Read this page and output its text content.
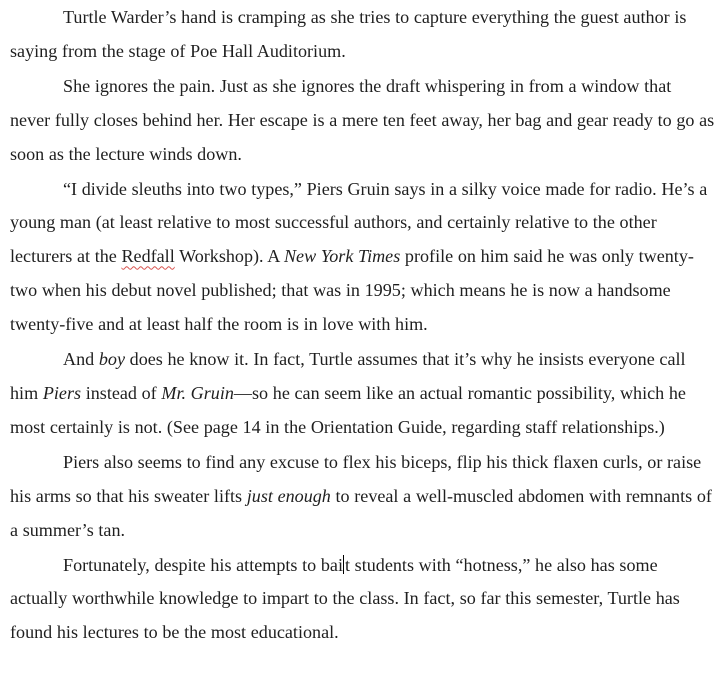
Turtle Warder’s hand is cramping as she tries to capture everything the guest author is saying from the stage of Poe Hall Auditorium.

She ignores the pain. Just as she ignores the draft whispering in from a window that never fully closes behind her. Her escape is a mere ten feet away, her bag and gear ready to go as soon as the lecture winds down.

“I divide sleuths into two types,” Piers Gruin says in a silky voice made for radio. He’s a young man (at least relative to most successful authors, and certainly relative to the other lecturers at the Redfall Workshop). A New York Times profile on him said he was only twenty-two when his debut novel published; that was in 1995; which means he is now a handsome twenty-five and at least half the room is in love with him.

And boy does he know it. In fact, Turtle assumes that it’s why he insists everyone call him Piers instead of Mr. Gruin—so he can seem like an actual romantic possibility, which he most certainly is not. (See page 14 in the Orientation Guide, regarding staff relationships.)

Piers also seems to find any excuse to flex his biceps, flip his thick flaxen curls, or raise his arms so that his sweater lifts just enough to reveal a well-muscled abdomen with remnants of a summer’s tan.

Fortunately, despite his attempts to bai t students with “hotness,” he also has some actually worthwhile knowledge to impart to the class. In fact, so far this semester, Turtle has found his lectures to be the most educational.
